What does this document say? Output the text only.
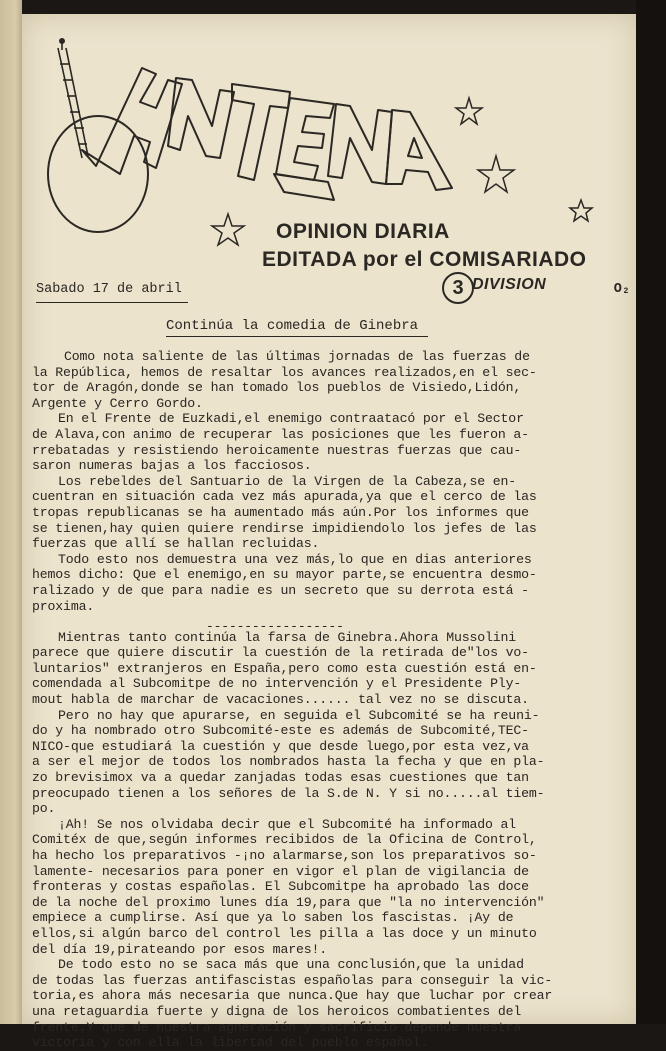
OPINION DIARIA
EDITADA por el COMISARIADO
3 DIVISION
Sabado 17 de abril	O₂
Continúa la comedia de Ginebra

Como nota saliente de las últimas jornadas de las fuerzas de

la República, hemos de resaltar los avances realizados,en el sec-

tor de Aragón,donde se han tomado los pueblos de Visiedo,Lidón,

Argente y Cerro Gordo.

En el Frente de Euzkadi,el enemigo contraatacó por el Sector

de Alava,con animo de recuperar las posiciones que les fueron a-

rrebatadas y resistiendo heroicamente nuestras fuerzas que cau-

saron numeras bajas a los facciosos.

Los rebeldes del Santuario de la Virgen de la Cabeza,se en-

cuentran en situación cada vez más apurada,ya que el cerco de las

tropas republicanas se ha aumentado más aún.Por los informes que

se tienen,hay quien quiere rendirse impidiendolo los jefes de las

fuerzas que allí se hallan recluidas.

Todo esto nos demuestra una vez más,lo que en dias anteriores

hemos dicho: Que el enemigo,en su mayor parte,se encuentra desmo-

ralizado y de que para nadie es un secreto que su derrota está -

proxima.

------------------

Mientras tanto continúa la farsa de Ginebra.Ahora Mussolini

parece que quiere discutir la cuestión de la retirada de"los vo-

luntarios" extranjeros en España,pero como esta cuestión está en-

comendada al Subcomitpe de no intervención y el Presidente Ply-

mout habla de marchar de vacaciones...... tal vez no se discuta.

Pero no hay que apurarse, en seguida el Subcomité se ha reuni-

do y ha nombrado otro Subcomité-este es además de Subcomité,TEC-

NICO-que estudiará la cuestión y que desde luego,por esta vez,va

a ser el mejor de todos los nombrados hasta la fecha y que en pla-

zo brevisimox va a quedar zanjadas todas esas cuestiones que tan

preocupado tienen a los señores de la S.de N. Y si no.....al tiem-

po.

¡Ah! Se nos olvidaba decir que el Subcomité ha informado al

Comitéx de que,según informes recibidos de la Oficina de Control,

ha hecho los preparativos -¡no alarmarse,son los preparativos so-

lamente- necesarios para poner en vigor el plan de vigilancia de

fronteras y costas españolas. El Subcomitpe ha aprobado las doce

de la noche del proximo lunes día 19,para que "la no intervención"

empiece a cumplirse. Así que ya lo saben los fascistas. ¡Ay de

ellos,si algún barco del control les pilla a las doce y un minuto

del día 19,pirateando por esos mares!.

De todo esto no se saca más que una conclusión,que la unidad

de todas las fuerzas antifascistas españolas para conseguir la vic-

toria,es ahora más necesaria que nunca.Que hay que luchar por crear

una retaguardia fuerte y digna de los heroicos combatientes del

frente.Y que de nuestra agneración y sacrificio depende nuestra

victoria y con ella la libertad del pueblo español.
